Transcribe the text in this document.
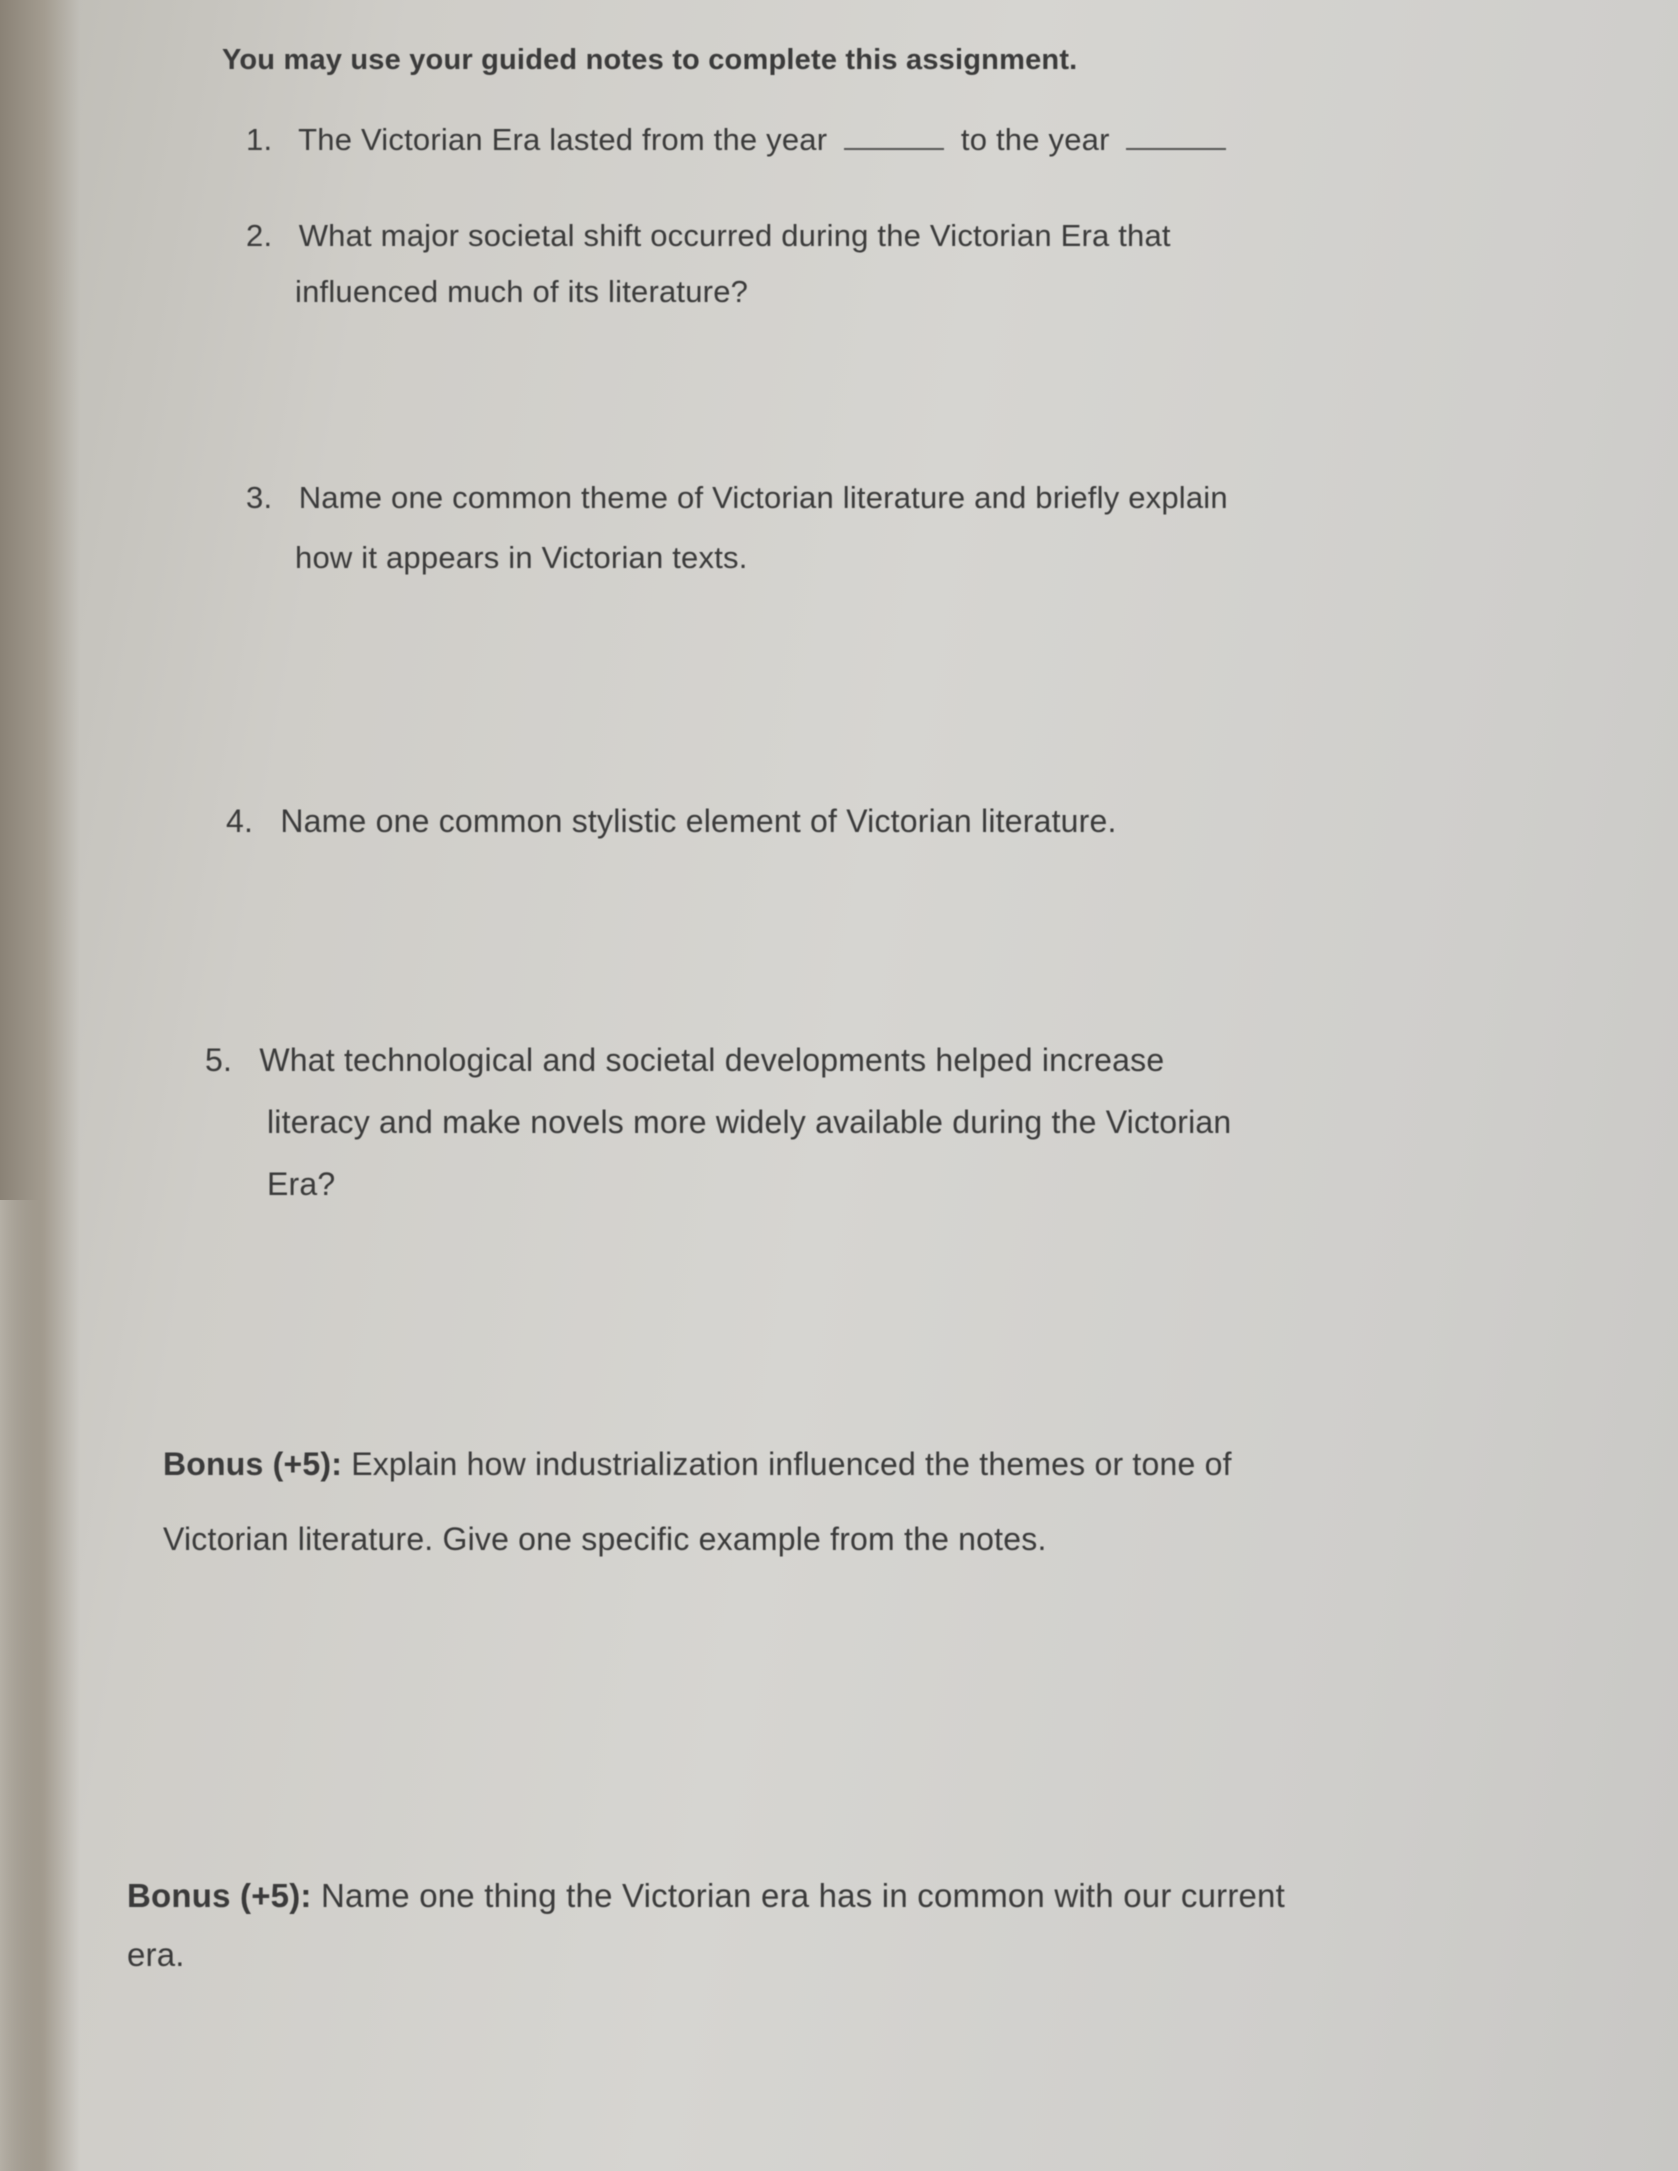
You may use your guided notes to complete this assignment.
1. The Victorian Era lasted from the year	to the year
2. What major societal shift occurred during the Victorian Era that
influenced much of its literature?
3. Name one common theme of Victorian literature and briefly explain
how it appears in Victorian texts.
4. Name one common stylistic element of Victorian literature.
5. What technological and societal developments helped increase
literacy and make novels more widely available during the Victorian
Era?
Bonus (+5): Explain how industrialization influenced the themes or tone of
Victorian literature. Give one specific example from the notes.
Bonus (+5): Name one thing the Victorian era has in common with our current
era.
